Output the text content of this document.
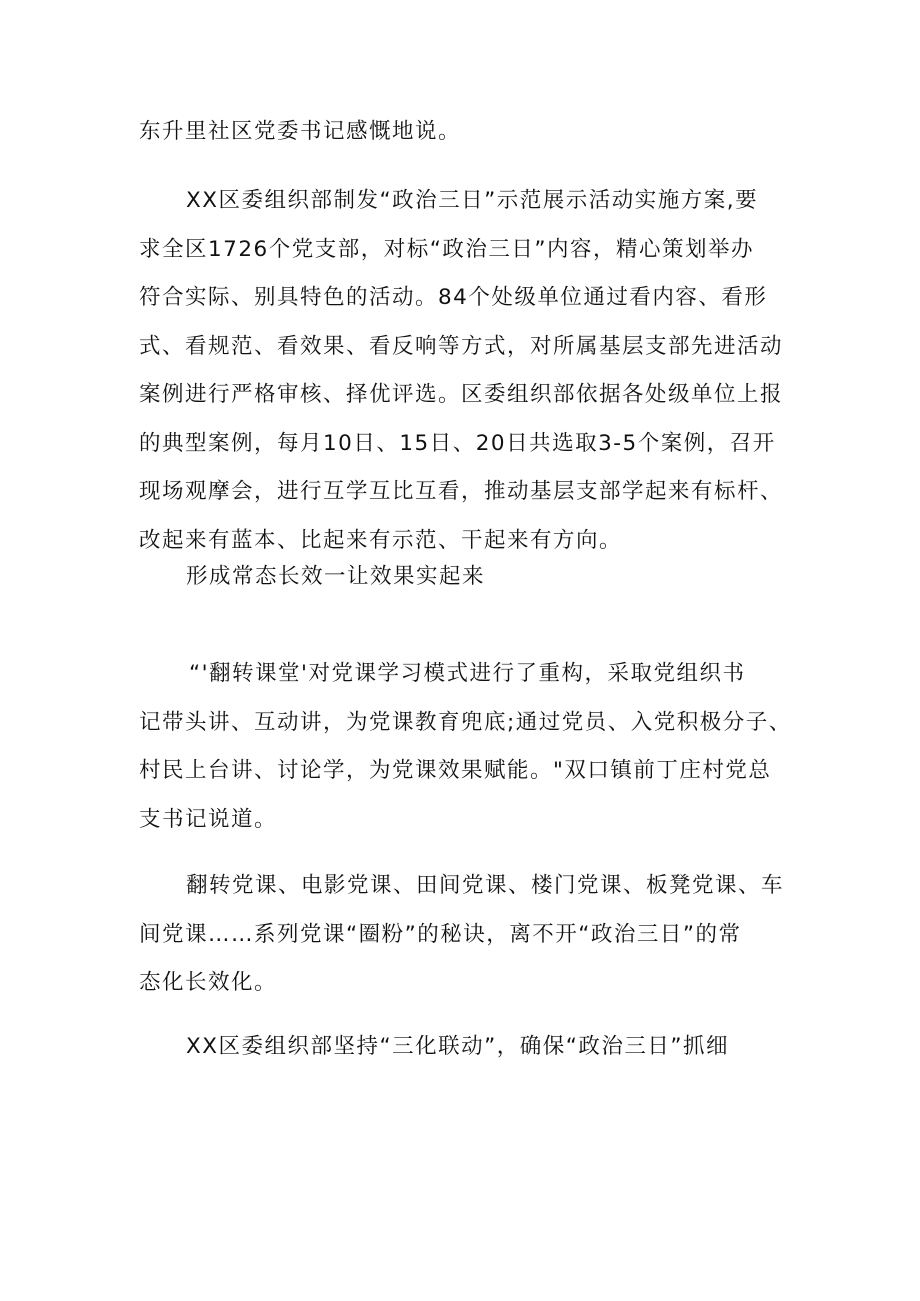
东升里社区党委书记感慨地说。
XX区委组织部制发“政治三日”示范展示活动实施方案,要
求全区1726个党支部，对标“政治三日”内容，精心策划举办
符合实际、别具特色的活动。84个处级单位通过看内容、看形
式、看规范、看效果、看反响等方式，对所属基层支部先进活动
案例进行严格审核、择优评选。区委组织部依据各处级单位上报
的典型案例，每月10日、15日、20日共选取3-5个案例，召开
现场观摩会，进行互学互比互看，推动基层支部学起来有标杆、
改起来有蓝本、比起来有示范、干起来有方向。
形成常态长效一让效果实起来
“'翻转课堂'对党课学习模式进行了重构，采取党组织书
记带头讲、互动讲，为党课教育兜底;通过党员、入党积极分子、
村民上台讲、讨论学，为党课效果赋能。"双口镇前丁庄村党总
支书记说道。
翻转党课、电影党课、田间党课、楼门党课、板凳党课、车
间党课……系列党课“圈粉”的秘诀，离不开“政治三日”的常
态化长效化。
XX区委组织部坚持“三化联动”，确保“政治三日”抓细
